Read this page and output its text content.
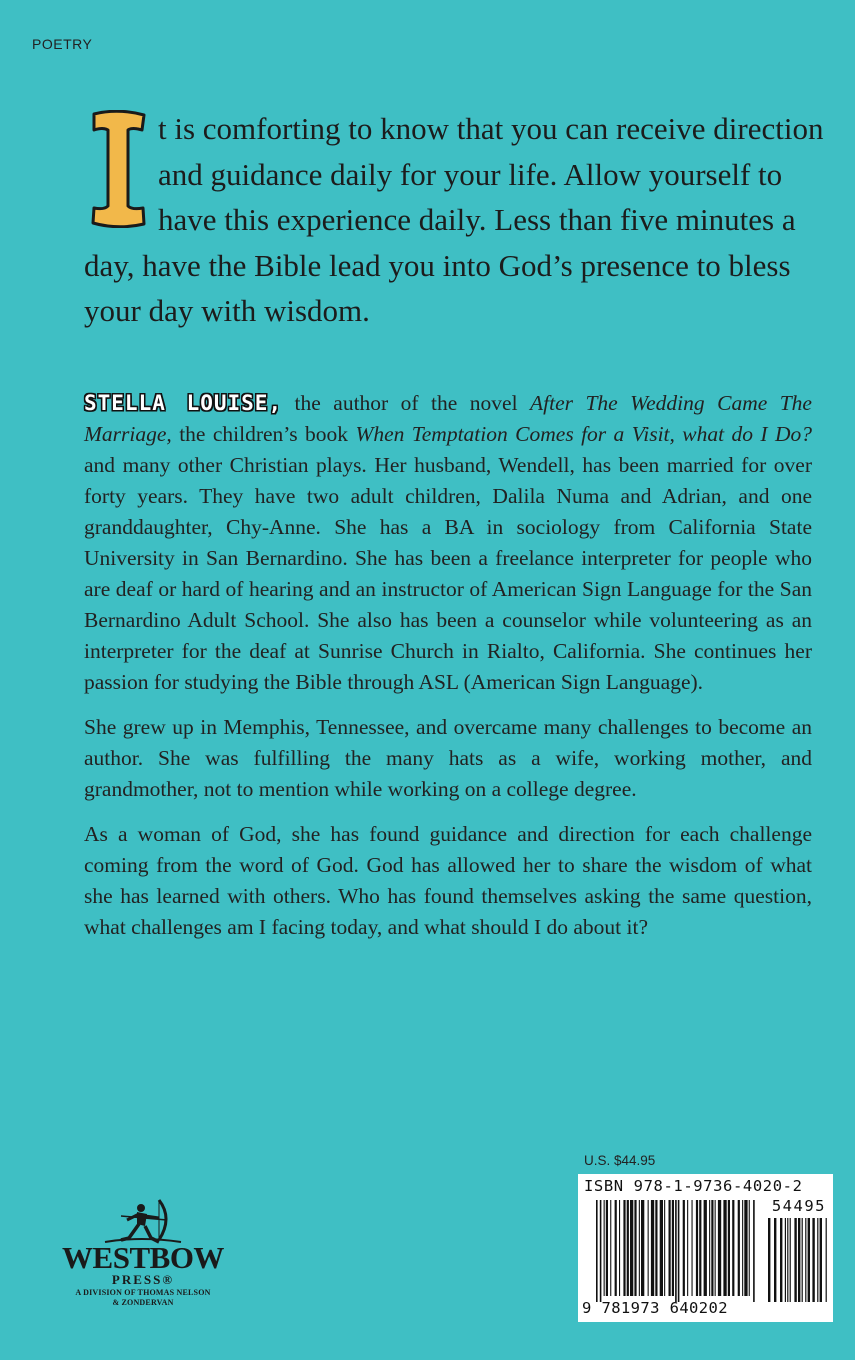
POETRY
t is comforting to know that you can receive direction and guidance daily for your life. Allow yourself to have this experience daily. Less than five minutes a day, have the Bible lead you into God’s presence to bless your day with wisdom.

STELLA LOUISE, the author of the novel After The Wedding Came The Marriage, the children’s book When Temptation Comes for a Visit, what do I Do? and many other Christian plays. Her husband, Wendell, has been married for over forty years. They have two adult children, Dalila Numa and Adrian, and one granddaughter, Chy-Anne. She has a BA in sociology from California State University in San Bernardino. She has been a freelance interpreter for people who are deaf or hard of hearing and an instructor of American Sign Language for the San Bernardino Adult School. She also has been a counselor while volunteering as an interpreter for the deaf at Sunrise Church in Rialto, California. She continues her passion for studying the Bible through ASL (American Sign Language).

She grew up in Memphis, Tennessee, and overcame many challenges to become an author. She was fulfilling the many hats as a wife, working mother, and grandmother, not to mention while working on a college degree.

As a woman of God, she has found guidance and direction for each challenge coming from the word of God. God has allowed her to share the wisdom of what she has learned with others. Who has found themselves asking the same question, what challenges am I facing today, and what should I do about it?

WESTBOW
PRESS®
A DIVISION OF THOMAS NELSON
& ZONDERVAN
U.S. $44.95
ISBN 978-1-9736-4020-2
54495
9 781973 640202
